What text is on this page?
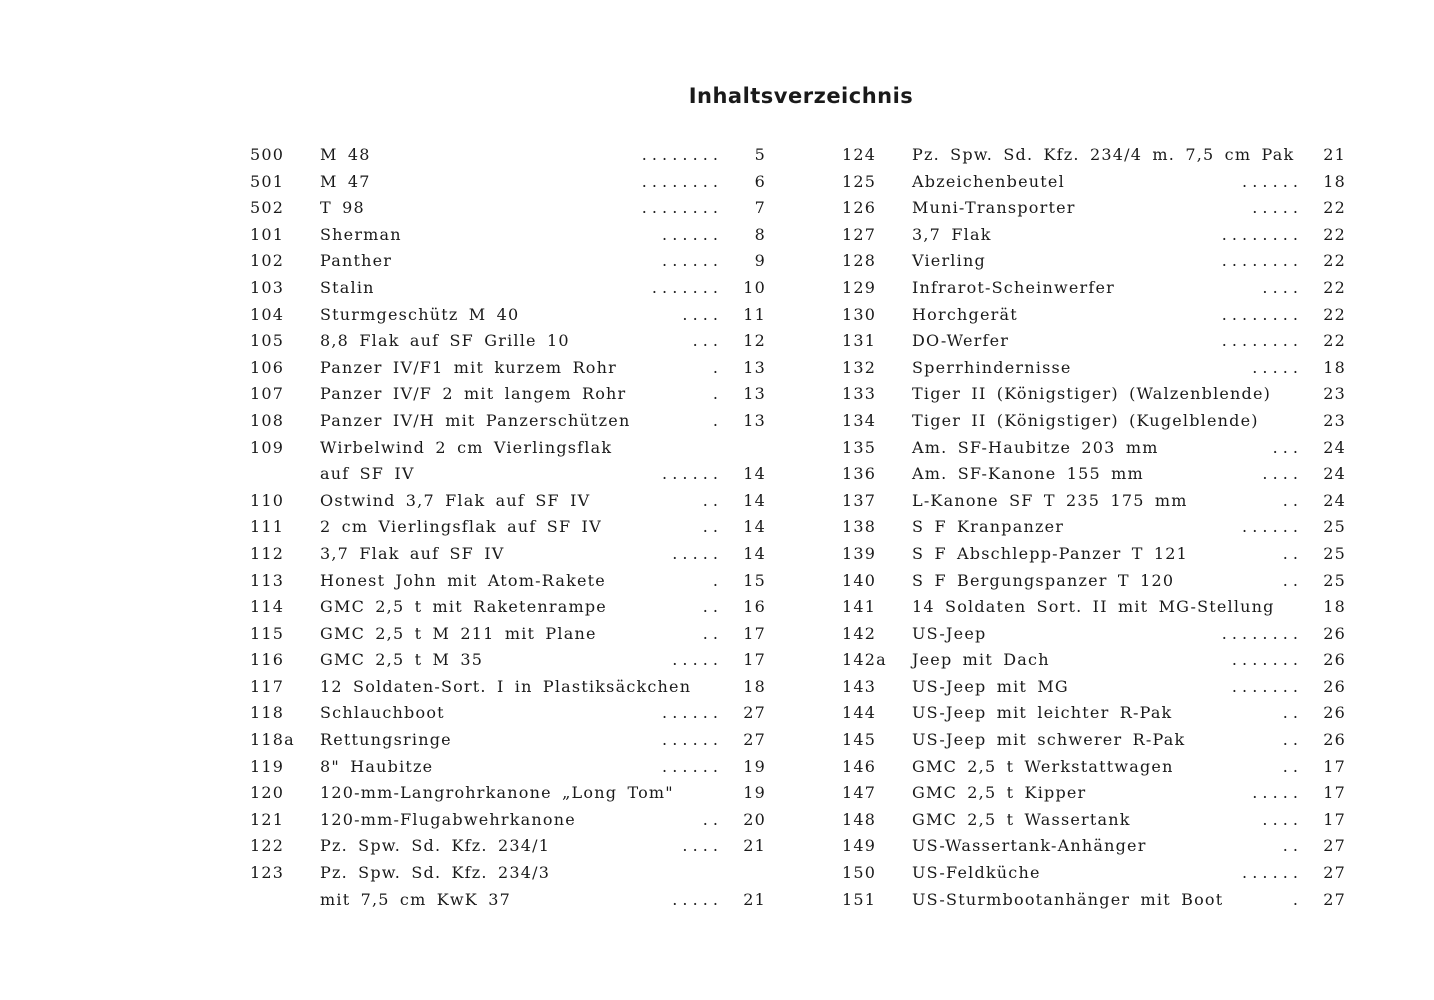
Inhaltsverzeichnis
500 M 48	. . . . . . . . 5
501 M 47	. . . . . . . . 6
502 T 98	. . . . . . . . 7
101 Sherman	. . . . . . 8
102 Panther	. . . . . . 9
103 Stalin	. . . . . . . 10
104 Sturmgeschütz M 40	. . . . 11
105 8,8 Flak auf SF Grille 10	. . . 12
106 Panzer IV/F1 mit kurzem Rohr	. 13
107 Panzer IV/F 2 mit langem Rohr	. 13
108 Panzer IV/H mit Panzerschützen	. 13
109 Wirbelwind 2 cm Vierlingsflak
auf SF IV	. . . . . . 14
110 Ostwind 3,7 Flak auf SF IV	. . 14
111 2 cm Vierlingsflak auf SF IV	. . 14
112 3,7 Flak auf SF IV	. . . . . 14
113 Honest John mit Atom-Rakete	. 15
114 GMC 2,5 t mit Raketenrampe	. . 16
115 GMC 2,5 t M 211 mit Plane	. . 17
116 GMC 2,5 t M 35	. . . . . 17
117 12 Soldaten-Sort. I in Plastiksäckchen	18
118 Schlauchboot	. . . . . . 27
118a Rettungsringe	. . . . . . 27
119 8" Haubitze	. . . . . . 19
120 120-mm-Langrohrkanone „Long Tom"	19
121 120-mm-Flugabwehrkanone	. . 20
122 Pz. Spw. Sd. Kfz. 234/1	. . . . 21
123 Pz. Spw. Sd. Kfz. 234/3
mit 7,5 cm KwK 37	. . . . . 21
124 Pz. Spw. Sd. Kfz. 234/4 m. 7,5 cm Pak 21
125 Abzeichenbeutel	. . . . . . 18
126 Muni-Transporter	. . . . . 22
127 3,7 Flak	. . . . . . . . 22
128 Vierling	. . . . . . . . 22
129 Infrarot-Scheinwerfer	. . . . 22
130 Horchgerät	. . . . . . . . 22
131 DO-Werfer	. . . . . . . . 22
132 Sperrhindernisse	. . . . . 18
133 Tiger II (Königstiger) (Walzenblende)	23
134 Tiger II (Königstiger) (Kugelblende)	23
135 Am. SF-Haubitze 203 mm	. . . 24
136 Am. SF-Kanone 155 mm	. . . . 24
137 L-Kanone SF T 235 175 mm	. . 24
138 S F Kranpanzer	. . . . . . 25
139 S F Abschlepp-Panzer T 121	. . 25
140 S F Bergungspanzer T 120	. . 25
141 14 Soldaten Sort. II mit MG-Stellung	18
142 US-Jeep	. . . . . . . . 26
142a Jeep mit Dach	. . . . . . . 26
143 US-Jeep mit MG	. . . . . . . 26
144 US-Jeep mit leichter R-Pak	. . 26
145 US-Jeep mit schwerer R-Pak	. . 26
146 GMC 2,5 t Werkstattwagen	. . 17
147 GMC 2,5 t Kipper	. . . . . 17
148 GMC 2,5 t Wassertank	. . . . 17
149 US-Wassertank-Anhänger	. . 27
150 US-Feldküche	. . . . . . 27
151 US-Sturmbootanhänger mit Boot	. 27
